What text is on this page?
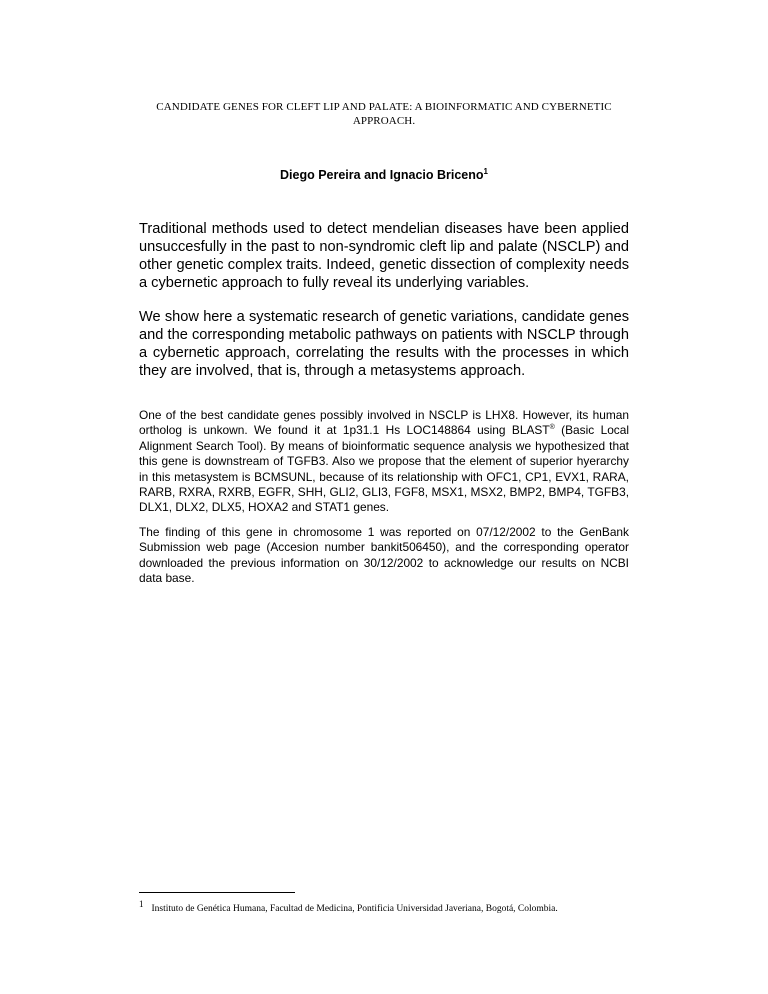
CANDIDATE GENES FOR CLEFT LIP AND PALATE: A BIOINFORMATIC AND CYBERNETIC APPROACH.
Diego Pereira and Ignacio Briceno$^1$

Traditional methods used to detect mendelian diseases have been applied unsuccesfully in the past to non-syndromic cleft lip and palate (NSCLP) and other genetic complex traits. Indeed, genetic dissection of complexity needs a cybernetic approach to fully reveal its underlying variables.

We show here a systematic research of genetic variations, candidate genes and the corresponding metabolic pathways on patients with NSCLP through a cybernetic approach, correlating the results with the processes in which they are involved, that is, through a metasystems approach.

One of the best candidate genes possibly involved in NSCLP is LHX8. However, its human ortholog is unkown. We found it at 1p31.1 Hs LOC148864 using BLAST® (Basic Local Alignment Search Tool). By means of bioinformatic sequence analysis we hypothesized that this gene is downstream of TGFB3. Also we propose that the element of superior hyerarchy in this metasystem is BCMSUNL, because of its relationship with OFC1, CP1, EVX1, RARA, RARB, RXRA, RXRB, EGFR, SHH, GLI2, GLI3, FGF8, MSX1, MSX2, BMP2, BMP4, TGFB3, DLX1, DLX2, DLX5, HOXA2 and STAT1 genes.

The finding of this gene in chromosome 1 was reported on 07/12/2002 to the GenBank Submission web page (Accesion number bankit506450), and the corresponding operator downloaded the previous information on 30/12/2002 to acknowledge our results on NCBI data base.

1Instituto de Genética Humana, Facultad de Medicina, Pontificia Universidad Javeriana, Bogotá, Colombia.
